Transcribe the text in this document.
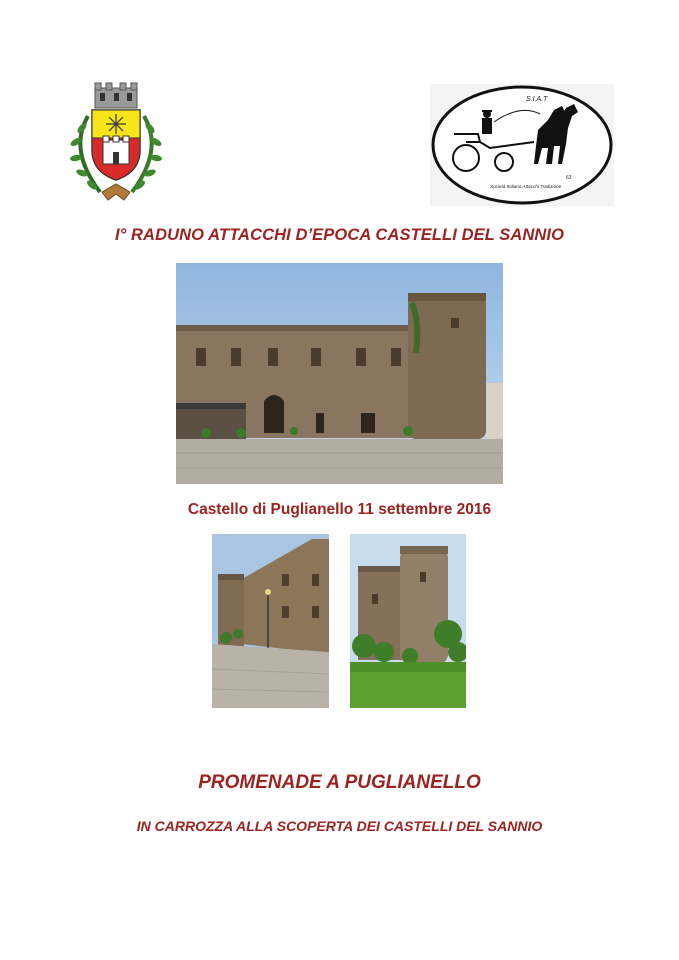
S.I.A.T
63
Società Italiana Attacchi Tradizione
I° RADUNO ATTACCHI D’EPOCA CASTELLI DEL SANNIO
Castello di Puglianello 11 settembre 2016
PROMENADE A PUGLIANELLO
IN CARROZZA ALLA SCOPERTA DEI CASTELLI DEL SANNIO
